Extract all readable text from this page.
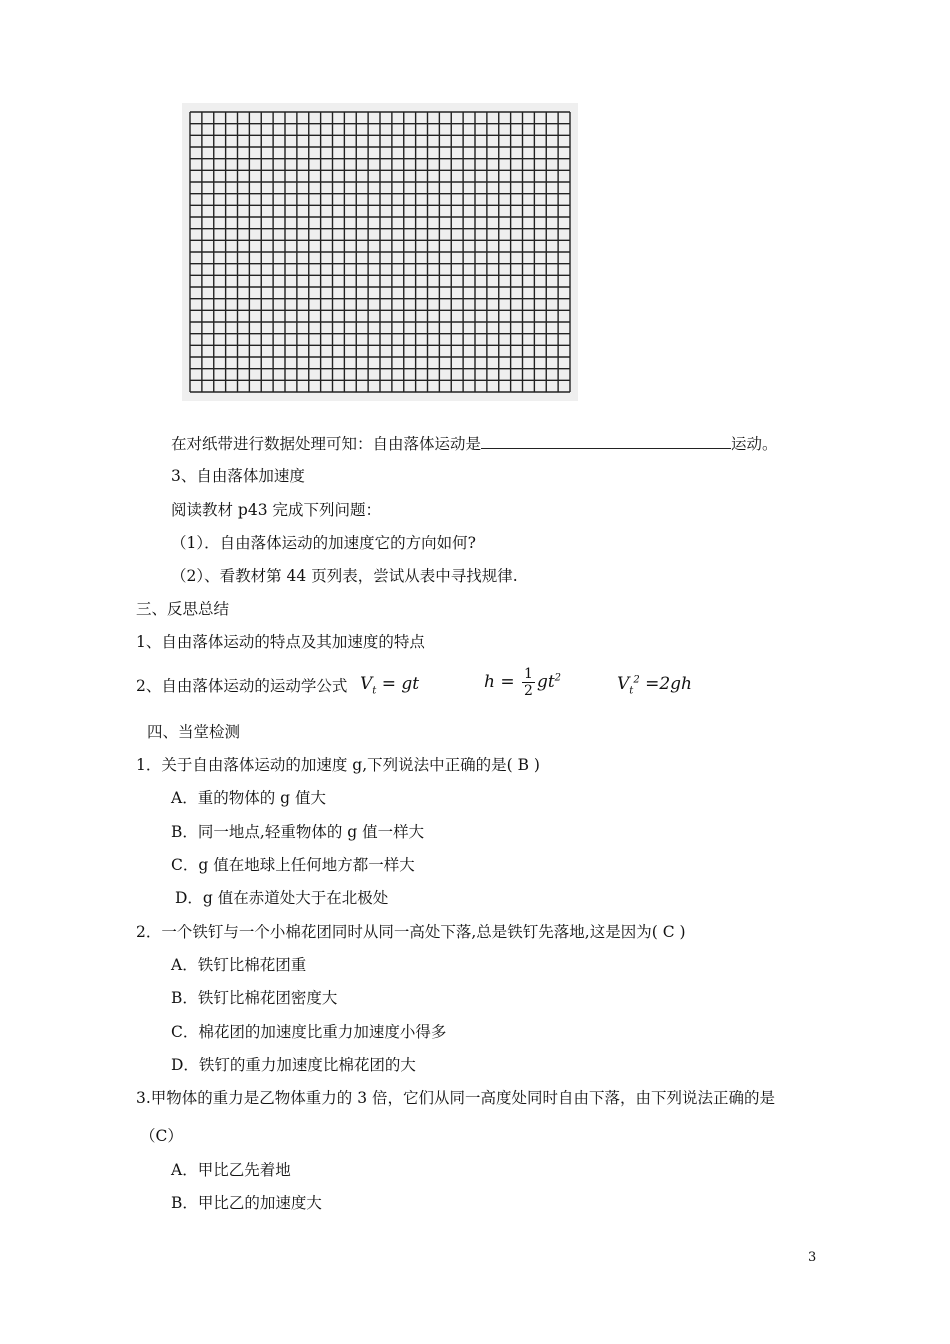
在对纸带进行数据处理可知：自由落体运动是	运动。
3、自由落体加速度
阅读教材 p43 完成下列问题：
（1）．自由落体运动的加速度它的方向如何?
（2）、看教材第 44 页列表，尝试从表中寻找规律.
三、反思总结
1、自由落体运动的特点及其加速度的特点
2、自由落体运动的运动学公式 $V_t$ = gt	$h = \frac{1}{2} gt^2$	$V_t^2 =2gh$
四、当堂检测
1．关于自由落体运动的加速度 g,下列说法中正确的是( B )
A．重的物体的 g 值大
B．同一地点,轻重物体的 g 值一样大
C．g 值在地球上任何地方都一样大
D．g 值在赤道处大于在北极处
2．一个铁钉与一个小棉花团同时从同一高处下落,总是铁钉先落地,这是因为( C )
A．铁钉比棉花团重
B．铁钉比棉花团密度大
C．棉花团的加速度比重力加速度小得多
D．铁钉的重力加速度比棉花团的大
3.甲物体的重力是乙物体重力的 3 倍，它们从同一高度处同时自由下落，由下列说法正确的是
（C）
A．甲比乙先着地
B．甲比乙的加速度大
3
